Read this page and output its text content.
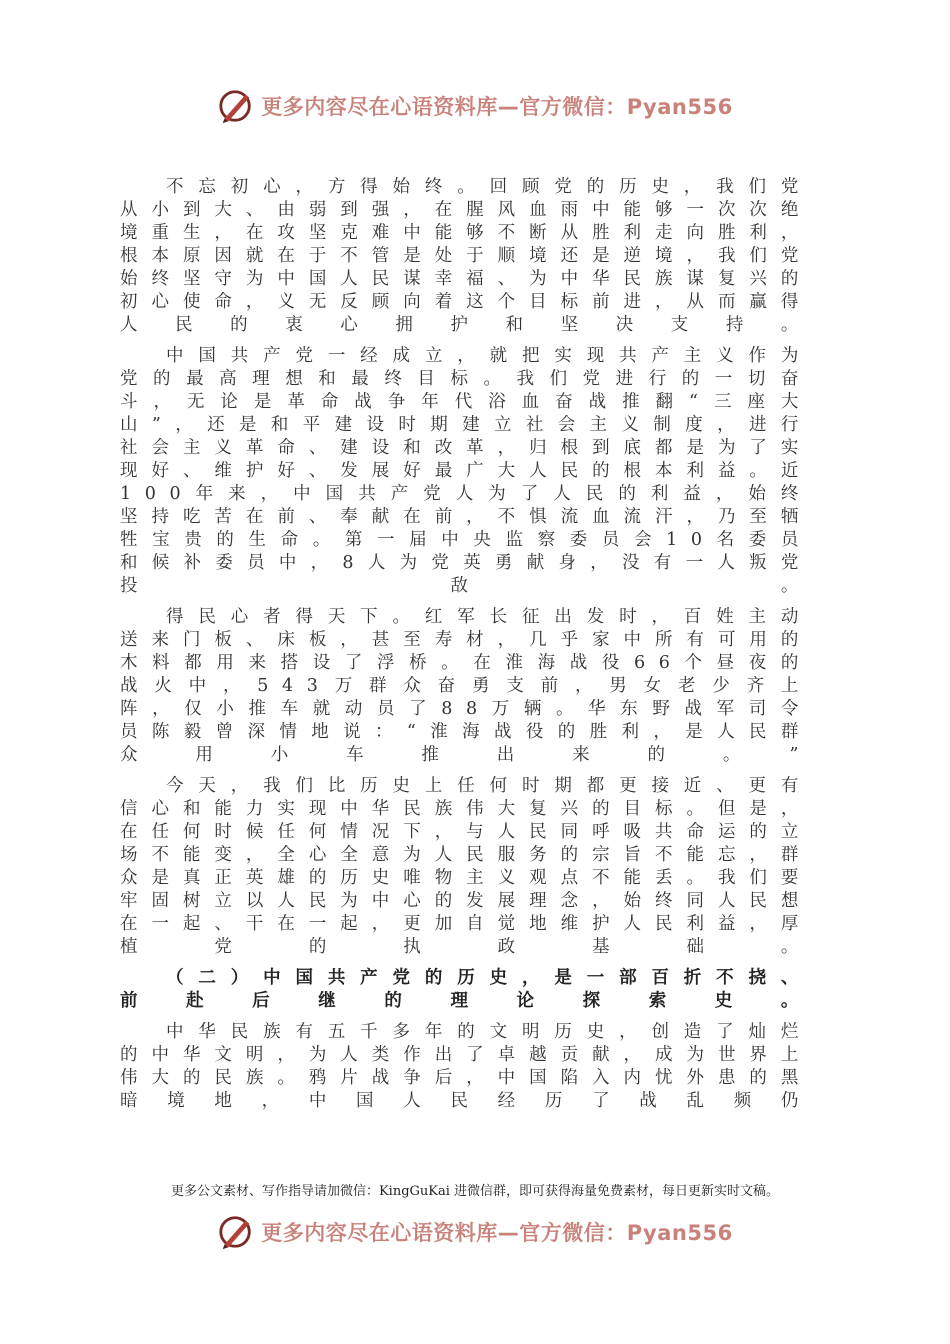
更多内容尽在心语资料库—官方微信：Pyan556

不忘初心，方得始终。回顾党的历史，我们党从小到大、由弱到强，在腥风血雨中能够一次次绝境重生，在攻坚克难中能够不断从胜利走向胜利，根本原因就在于不管是处于顺境还是逆境，我们党始终坚守为中国人民谋幸福、为中华民族谋复兴的初心使命，义无反顾向着这个目标前进，从而赢得人民的衷心拥护和坚决支持。

中国共产党一经成立，就把实现共产主义作为党的最高理想和最终目标。我们党进行的一切奋斗，无论是革命战争年代浴血奋战推翻“三座大山”，还是和平建设时期建立社会主义制度，进行社会主义革命、建设和改革，归根到底都是为了实现好、维护好、发展好最广大人民的根本利益。近100年来，中国共产党人为了人民的利益，始终坚持吃苦在前、奉献在前，不惧流血流汗，乃至牺牲宝贵的生命。第一届中央监察委员会10名委员和候补委员中，8人为党英勇献身，没有一人叛党投敌。

得民心者得天下。红军长征出发时，百姓主动送来门板、床板，甚至寿材，几乎家中所有可用的木料都用来搭设了浮桥。在淮海战役66个昼夜的战火中，543万群众奋勇支前，男女老少齐上阵，仅小推车就动员了88万辆。华东野战军司令员陈毅曾深情地说：“淮海战役的胜利，是人民群众用小车推出来的。”

今天，我们比历史上任何时期都更接近、更有信心和能力实现中华民族伟大复兴的目标。但是，在任何时候任何情况下，与人民同呼吸共命运的立场不能变，全心全意为人民服务的宗旨不能忘，群众是真正英雄的历史唯物主义观点不能丢。我们要牢固树立以人民为中心的发展理念，始终同人民想在一起、干在一起，更加自觉地维护人民利益，厚植党的执政基础。

（二）中国共产党的历史，是一部百折不挠、前赴后继的理论探索史。

中华民族有五千多年的文明历史，创造了灿烂的中华文明，为人类作出了卓越贡献，成为世界上伟大的民族。鸦片战争后，中国陷入内忧外患的黑暗境地，中国人民经历了战乱频仍

更多公文素材、写作指导请加微信：KingGuKai 进微信群，即可获得海量免费素材，每日更新实时文稿。
更多内容尽在心语资料库—官方微信：Pyan556
